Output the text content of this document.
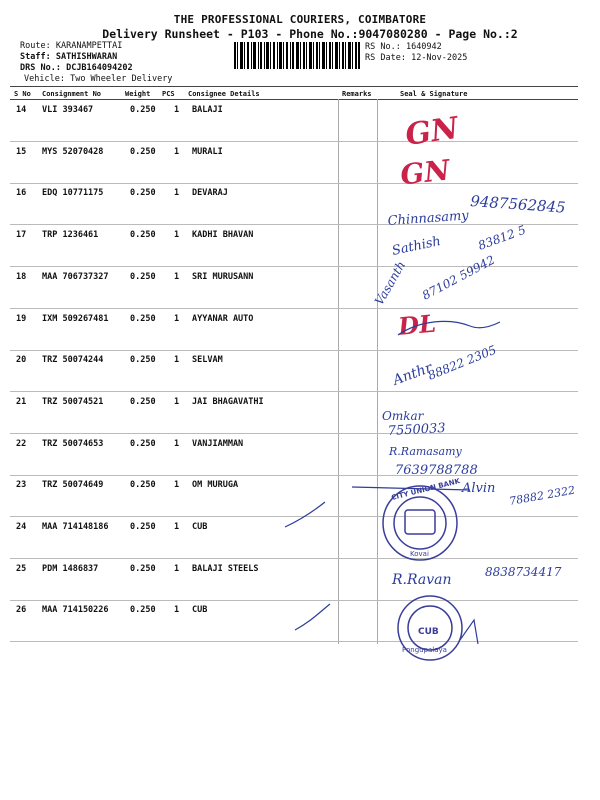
THE PROFESSIONAL COURIERS, COIMBATORE
Delivery Runsheet - P103 - Phone No.:9047080280 - Page No.:2
Route: KARANAMPETTAI
Staff: SATHISHWARAN
DRS No.: DCJB164094202
Vehicle: Two Wheeler Delivery
RS No.: 1640942
RS Date: 12-Nov-2025
S No Consignment No	Weight PCS Consignee Details	Remarks	Seal & Signature
14 VLI 393467	0.250 1 BALAJI
15 MYS 52070428	0.250 1 MURALI
16 EDQ 10771175	0.250 1 DEVARAJ
17 TRP 1236461	0.250 1 KADHI BHAVAN
18 MAA 706737327	0.250 1 SRI MURUSANN
19 IXM 509267481	0.250 1 AYYANAR AUTO
20 TRZ 50074244	0.250 1 SELVAM
21 TRZ 50074521	0.250 1 JAI BHAGAVATHI
22 TRZ 50074653	0.250 1 VANJIAMMAN
23 TRZ 50074649	0.250 1 OM MURUGA
24 MAA 714148186	0.250 1 CUB
25 PDM 1486837	0.250 1 BALAJI STEELS
26 MAA 714150226	0.250 1 CUB
GN
GN
DL
9487562845
Chinnasamy
Sathish	83812 5
Vasanth 87102 59942
Anthr
88822 2305
Omkar
7550033
R.Ramasamy
7639788788
Alvin 78882 2322
R.Ravan	8838734417
CITY UNION BANK
Kovai
CUB
Pongupalaya
